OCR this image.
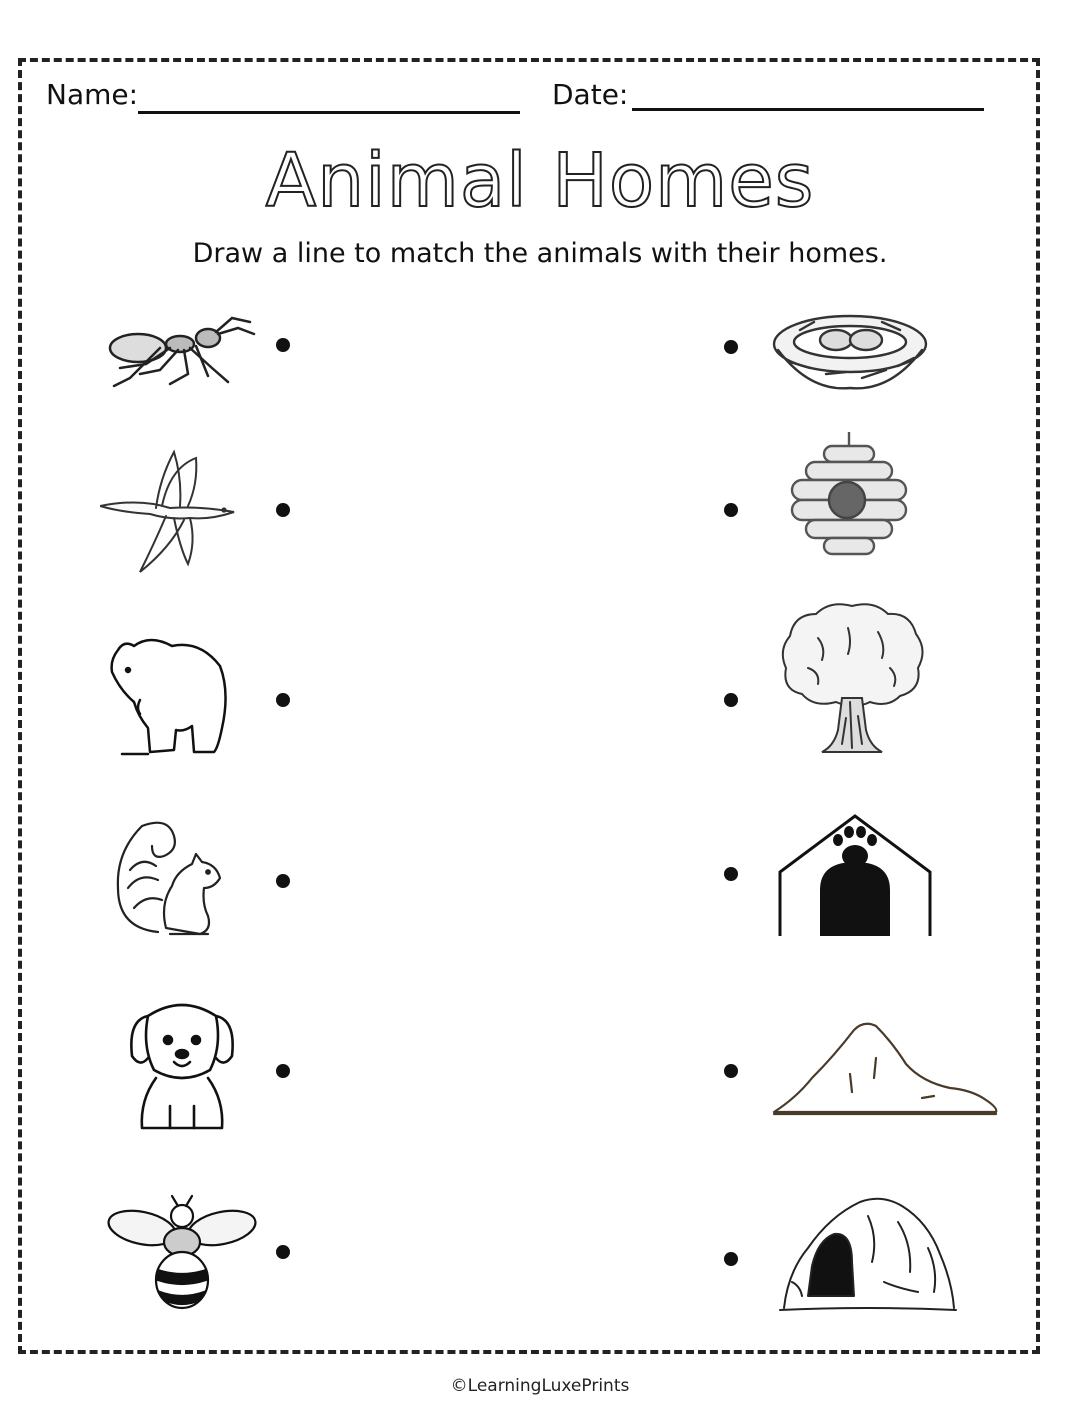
Name:	Date:
Animal Homes
Draw a line to match the animals with their homes.
©LearningLuxePrints
